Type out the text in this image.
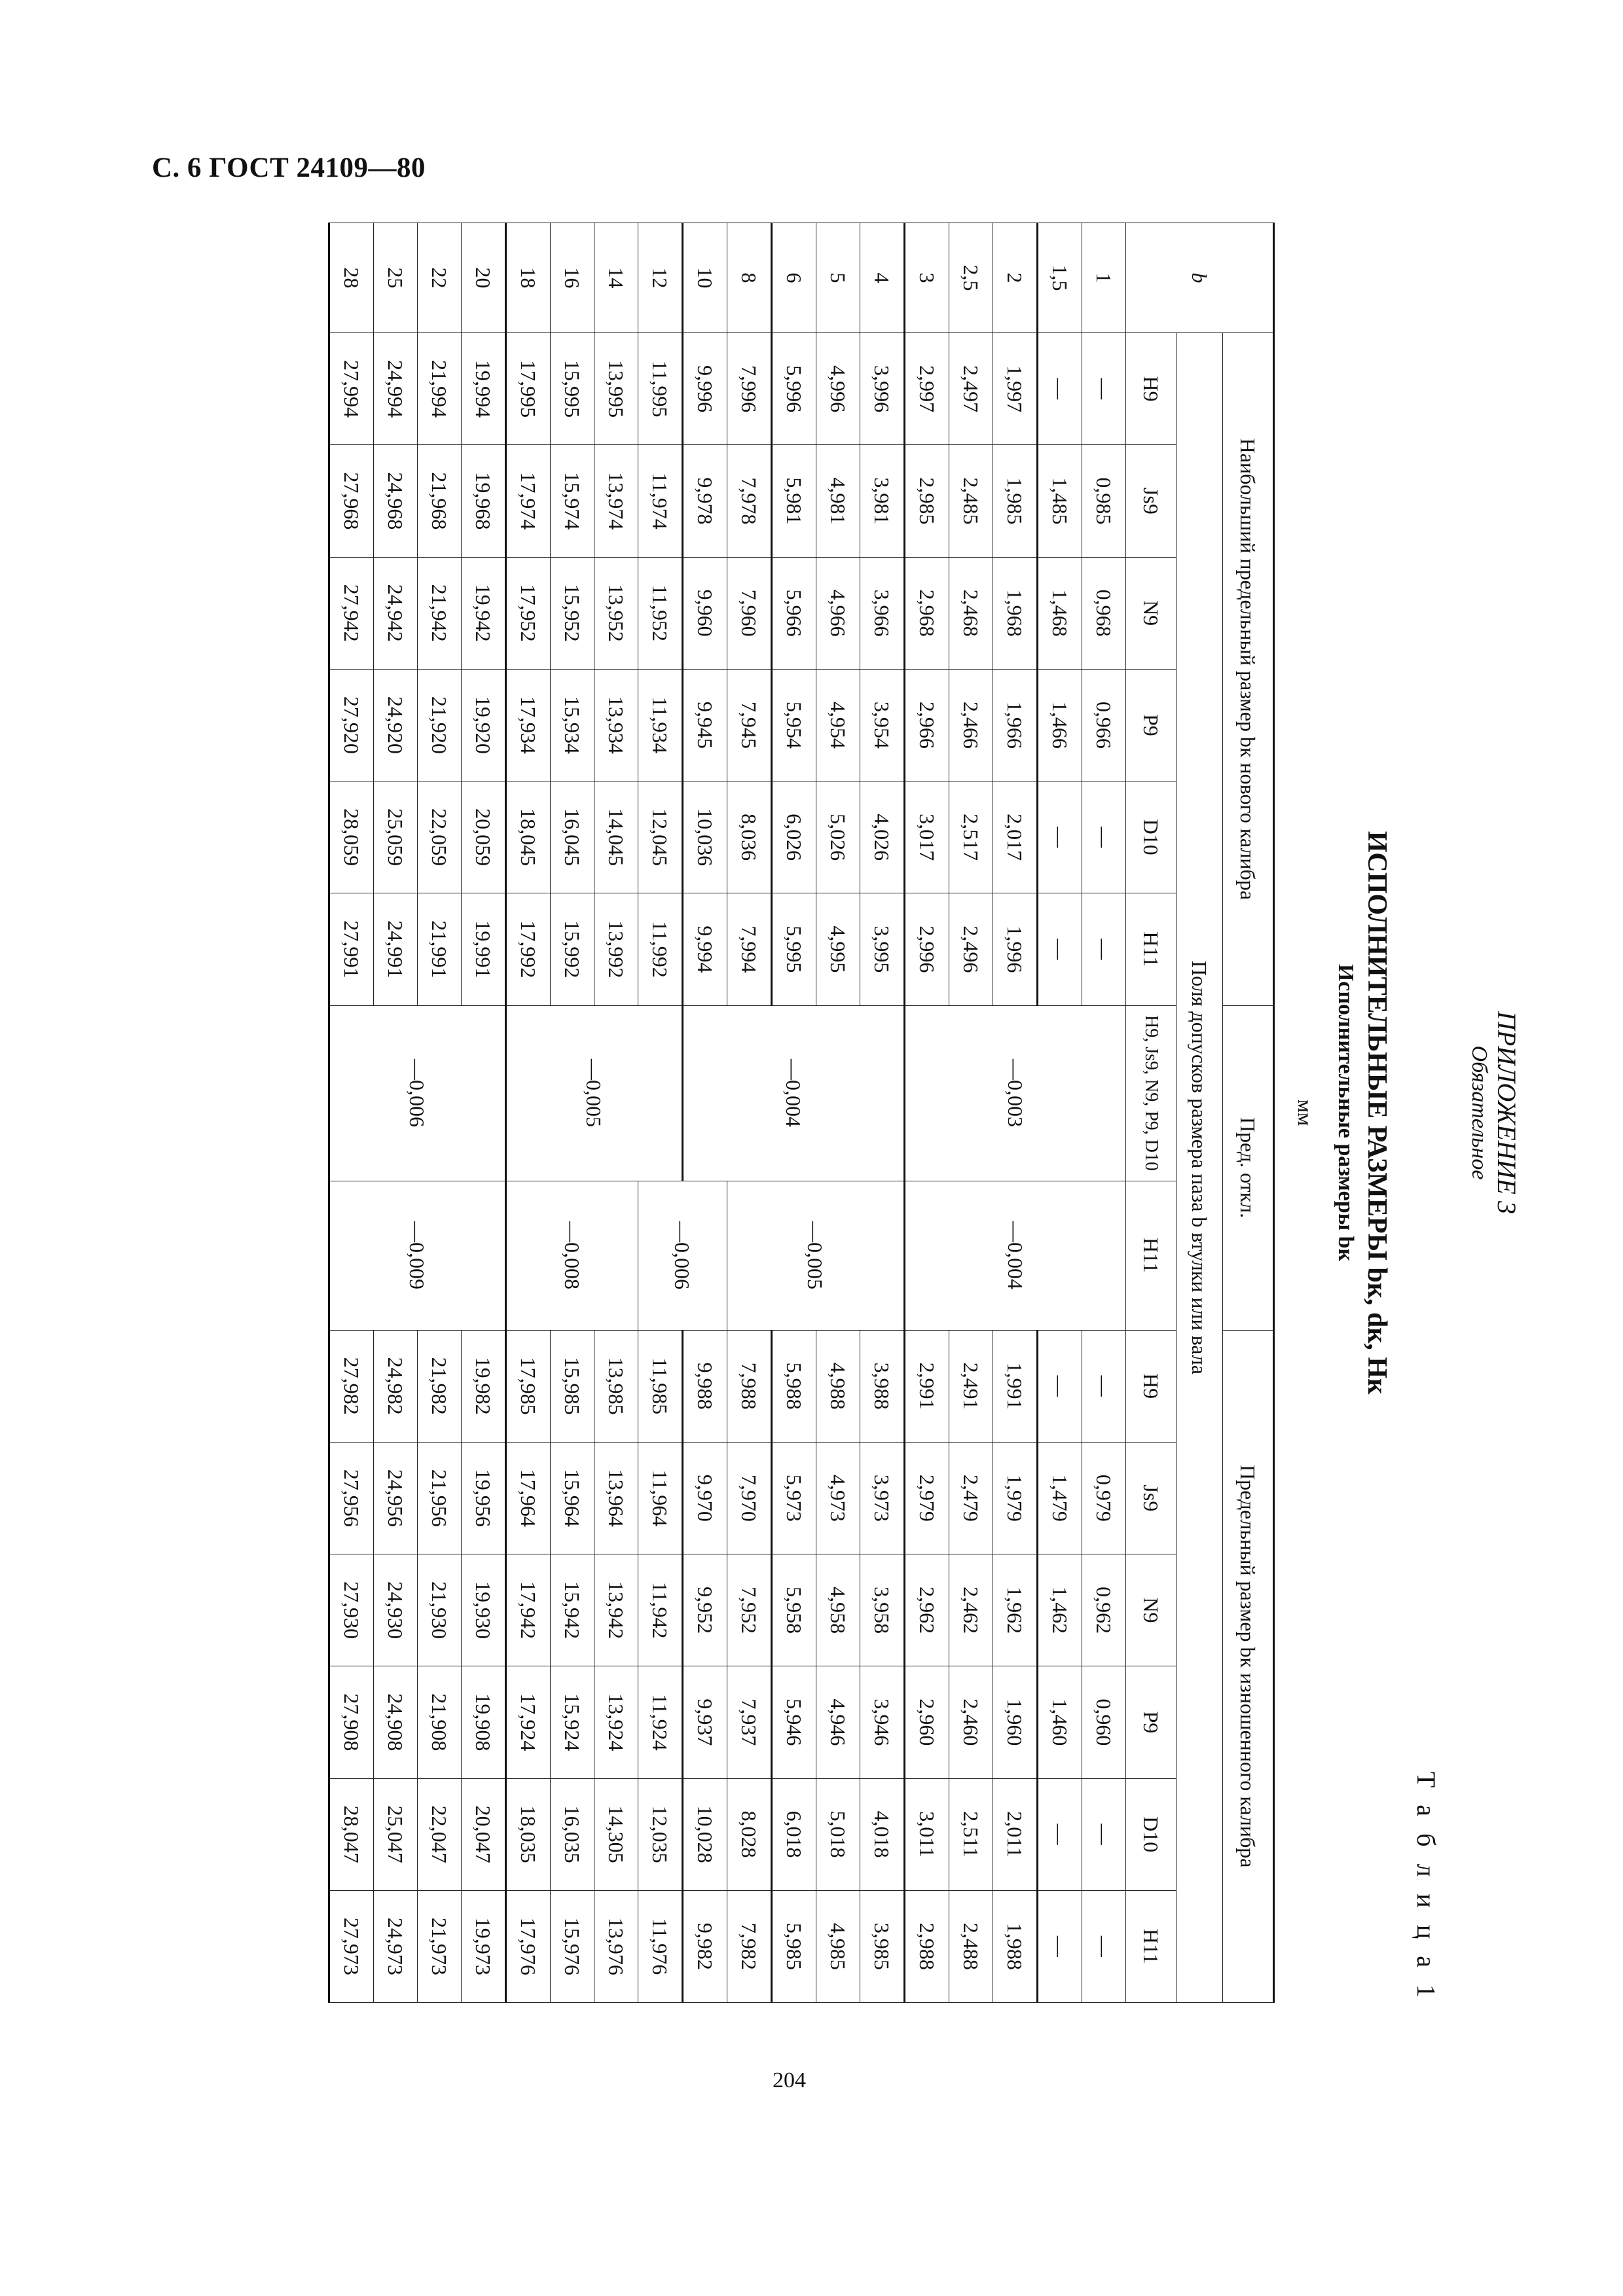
С. 6 ГОСТ 24109—80
ПРИЛОЖЕНИЕ 3
Обязательное
Т а б л и ц а 1
ИСПОЛНИТЕЛЬНЫЕ РАЗМЕРЫ bк, dк, Hк
Исполнительные размеры bк
мм
b	Наибольший предельный размер bк нового калибра						Пред. откл.		Предельный размер bк изношенного калибра					
	Поля допусков размера паза b втулки или вала													
	H9	Js9	N9	P9	D10	H11	H9, Js9, N9, P9, D10	H11	H9	Js9	N9	P9	D10	H11
1	—	0,985	0,968	0,966	—	—	—0,003	—0,004	—	0,979	0,962	0,960	—	—
1,5	—	1,485	1,468	1,466	—	—			—	1,479	1,462	1,460	—	—
2	1,997	1,985	1,968	1,966	2,017	1,996			1,991	1,979	1,962	1,960	2,011	1,988
2,5	2,497	2,485	2,468	2,466	2,517	2,496			2,491	2,479	2,462	2,460	2,511	2,488
3	2,997	2,985	2,968	2,966	3,017	2,996			2,991	2,979	2,962	2,960	3,011	2,988
4	3,996	3,981	3,966	3,954	4,026	3,995	—0,004	—0,005	3,988	3,973	3,958	3,946	4,018	3,985
5	4,996	4,981	4,966	4,954	5,026	4,995			4,988	4,973	4,958	4,946	5,018	4,985
6	5,996	5,981	5,966	5,954	6,026	5,995			5,988	5,973	5,958	5,946	6,018	5,985
8	7,996	7,978	7,960	7,945	8,036	7,994			7,988	7,970	7,952	7,937	8,028	7,982
10	9,996	9,978	9,960	9,945	10,036	9,994		—0,006	9,988	9,970	9,952	9,937	10,028	9,982
12	11,995	11,974	11,952	11,934	12,045	11,992	—0,005		11,985	11,964	11,942	11,924	12,035	11,976
14	13,995	13,974	13,952	13,934	14,045	13,992		—0,008	13,985	13,964	13,942	13,924	14,305	13,976
16	15,995	15,974	15,952	15,934	16,045	15,992			15,985	15,964	15,942	15,924	16,035	15,976
18	17,995	17,974	17,952	17,934	18,045	17,992			17,985	17,964	17,942	17,924	18,035	17,976
20	19,994	19,968	19,942	19,920	20,059	19,991	—0,006	—0,009	19,982	19,956	19,930	19,908	20,047	19,973
22	21,994	21,968	21,942	21,920	22,059	21,991			21,982	21,956	21,930	21,908	22,047	21,973
25	24,994	24,968	24,942	24,920	25,059	24,991			24,982	24,956	24,930	24,908	25,047	24,973
28	27,994	27,968	27,942	27,920	28,059	27,991			27,982	27,956	27,930	27,908	28,047	27,973
204
